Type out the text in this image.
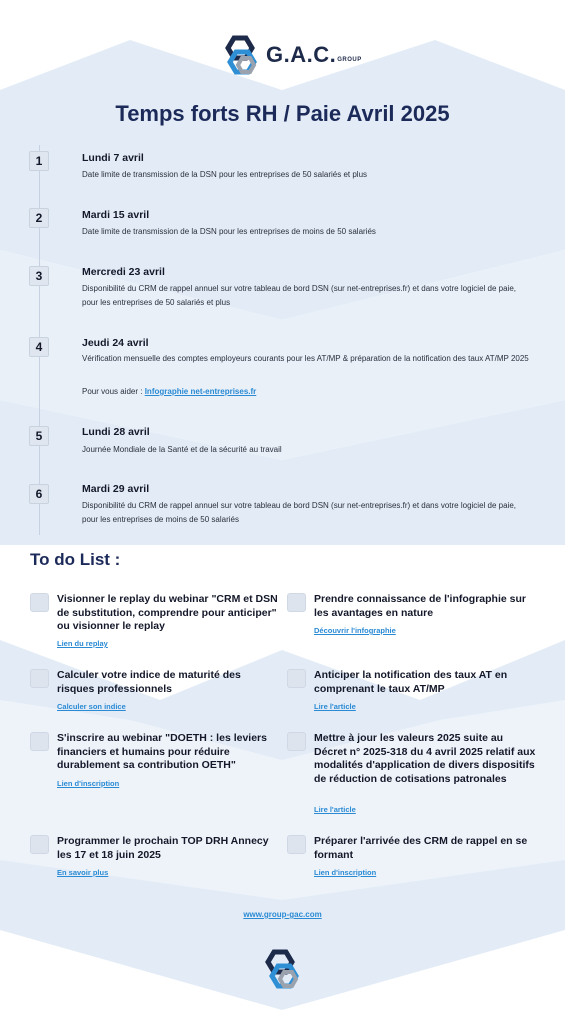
G.A.C. GROUP
Temps forts RH / Paie Avril 2025
1	Lundi 7 avril
Date limite de transmission de la DSN pour les entreprises de 50 salariés et plus
2	Mardi 15 avril
Date limite de transmission de la DSN pour les entreprises de moins de 50 salariés
3	Mercredi 23 avril
Disponibilité du CRM de rappel annuel sur votre tableau de bord DSN (sur net-entreprises.fr) et dans votre logiciel de paie, pour les entreprises de 50 salariés et plus
4	Jeudi 24 avril
Vérification mensuelle des comptes employeurs courants pour les AT/MP & préparation de la notification des taux AT/MP 2025
Pour vous aider : Infographie net-entreprises.fr
5	Lundi 28 avril
Journée Mondiale de la Santé et de la sécurité au travail
6	Mardi 29 avril
Disponibilité du CRM de rappel annuel sur votre tableau de bord DSN (sur net-entreprises.fr) et dans votre logiciel de paie, pour les entreprises de moins de 50 salariés
To do List :
Visionner le replay du webinar "CRM et DSN de substitution, comprendre pour anticiper" ou visionner le replay
Lien du replay
Prendre connaissance de l'infographie sur les avantages en nature
Découvrir l'infographie
Calculer votre indice de maturité des risques professionnels
Calculer son indice
Anticiper la notification des taux AT en comprenant le taux AT/MP
Lire l'article
S'inscrire au webinar "DOETH : les leviers financiers et humains pour réduire durablement sa contribution OETH"
Lien d'inscription
Mettre à jour les valeurs 2025 suite au Décret n° 2025-318 du 4 avril 2025 relatif aux modalités d'application de divers dispositifs de réduction de cotisations patronales
Lire l'article
Programmer le prochain TOP DRH Annecy les 17 et 18 juin 2025
En savoir plus
Préparer l'arrivée des CRM de rappel en se formant
Lien d'inscription
www.group-gac.com
